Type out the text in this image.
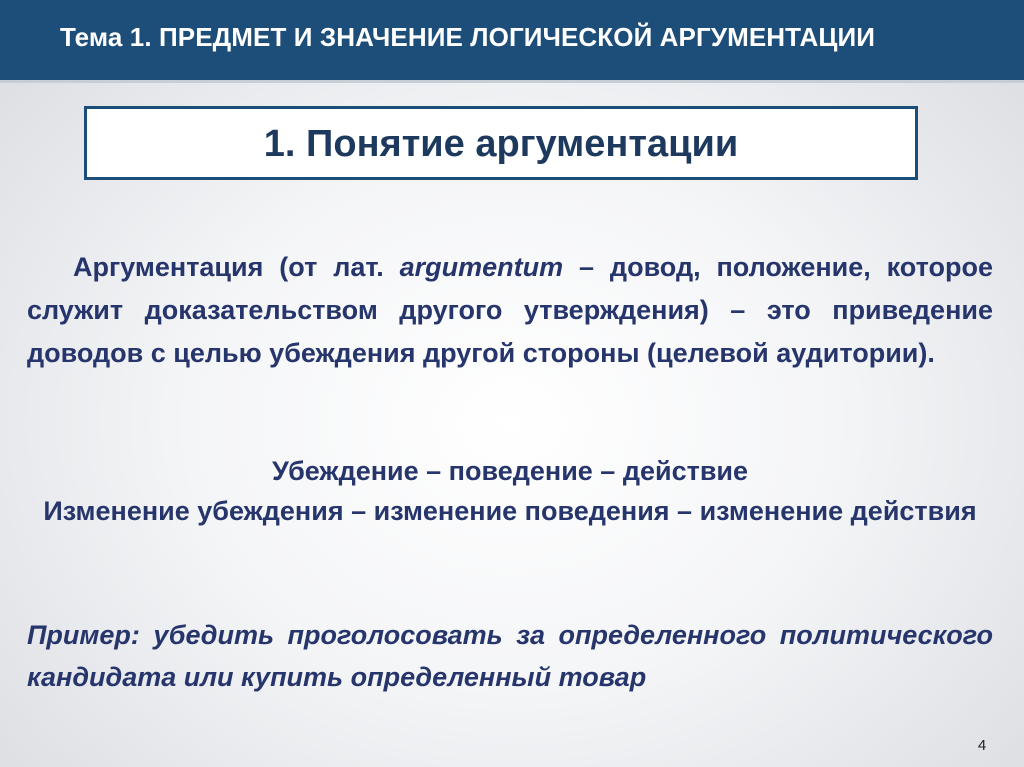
Тема 1. ПРЕДМЕТ И ЗНАЧЕНИЕ ЛОГИЧЕСКОЙ АРГУМЕНТАЦИИ
1. Понятие аргументации
Аргументация (от лат. argumentum – довод, положение, которое служит доказательством другого утверждения) – это приведение доводов с целью убеждения другой стороны (целевой аудитории).
Убеждение – поведение – действие
Изменение убеждения – изменение поведения – изменение действия
Пример: убедить проголосовать за определенного политического кандидата или купить определенный товар
4
